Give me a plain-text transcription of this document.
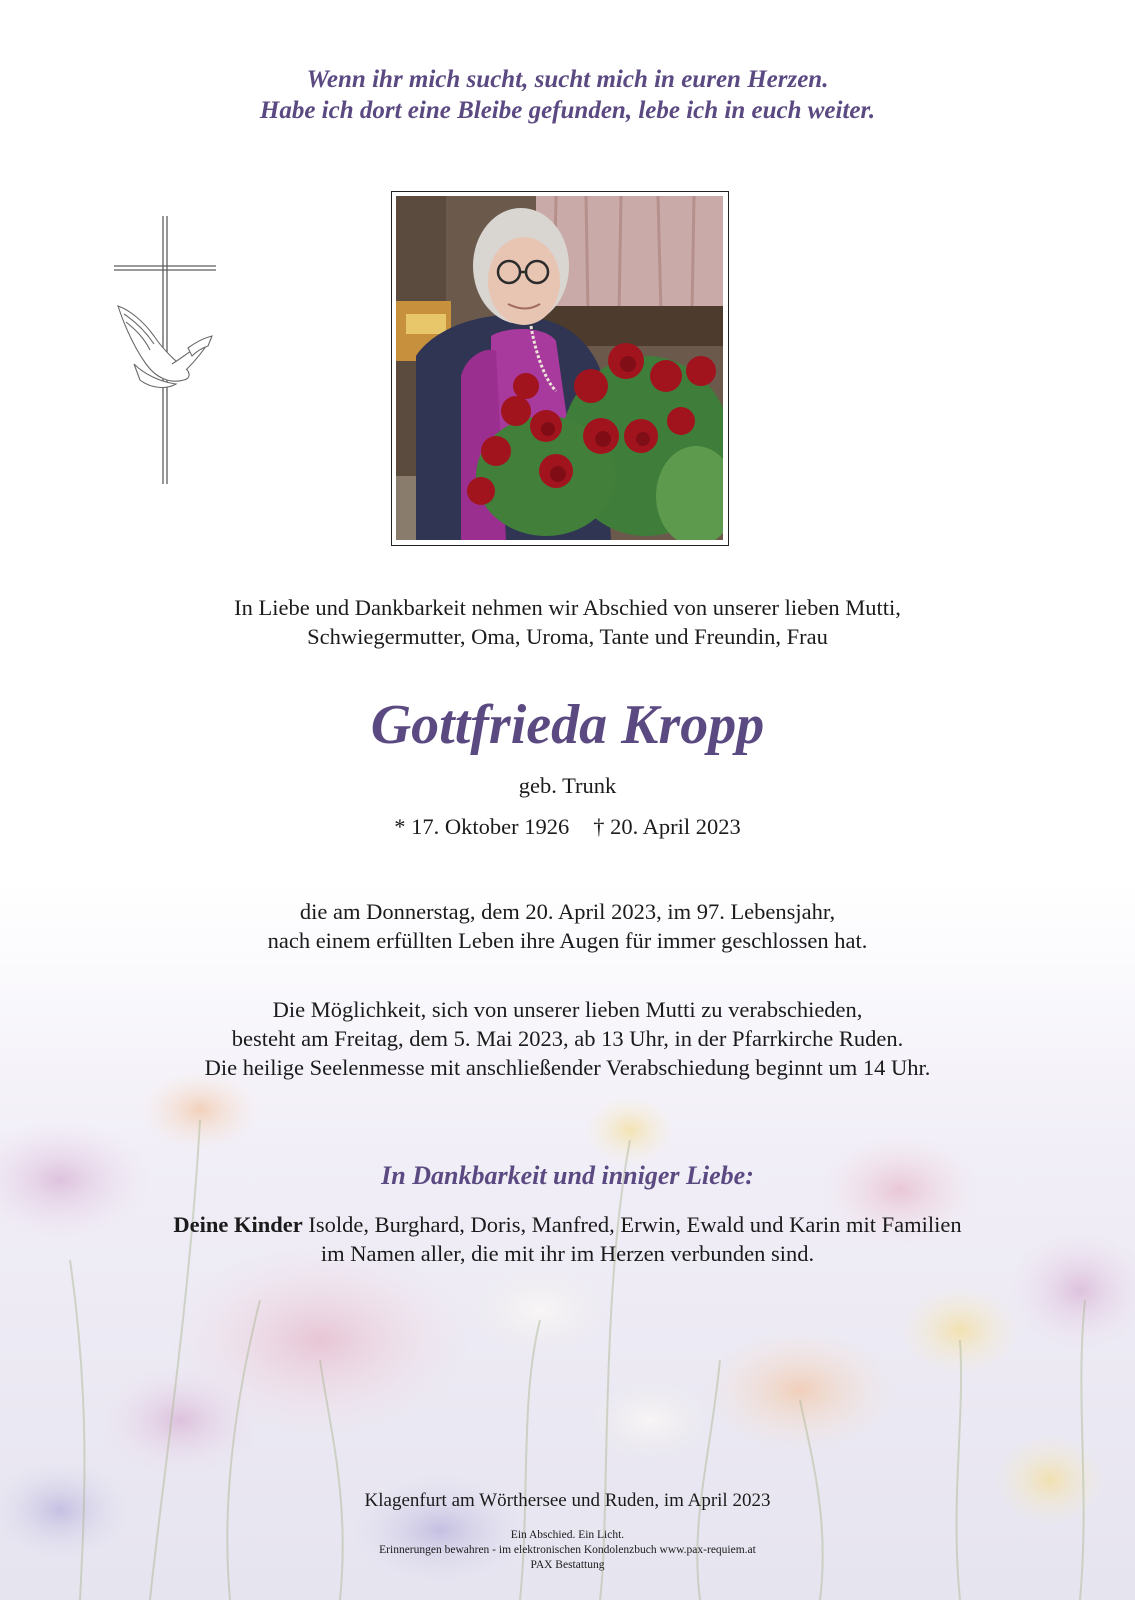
Wenn ihr mich sucht, sucht mich in euren Herzen.
Habe ich dort eine Bleibe gefunden, lebe ich in euch weiter.
In Liebe und Dankbarkeit nehmen wir Abschied von unserer lieben Mutti,
Schwiegermutter, Oma, Uroma, Tante und Freundin, Frau
Gottfrieda Kropp
geb. Trunk
* 17. Oktober 1926 † 20. April 2023
die am Donnerstag, dem 20. April 2023, im 97. Lebensjahr,
nach einem erfüllten Leben ihre Augen für immer geschlossen hat.
Die Möglichkeit, sich von unserer lieben Mutti zu verabschieden,
besteht am Freitag, dem 5. Mai 2023, ab 13 Uhr, in der Pfarrkirche Ruden.
Die heilige Seelenmesse mit anschließender Verabschiedung beginnt um 14 Uhr.
In Dankbarkeit und inniger Liebe:
Deine Kinder Isolde, Burghard, Doris, Manfred, Erwin, Ewald und Karin mit Familien
im Namen aller, die mit ihr im Herzen verbunden sind.
Klagenfurt am Wörthersee und Ruden, im April 2023
Ein Abschied. Ein Licht.
Erinnerungen bewahren - im elektronischen Kondolenzbuch www.pax-requiem.at
PAX Bestattung
